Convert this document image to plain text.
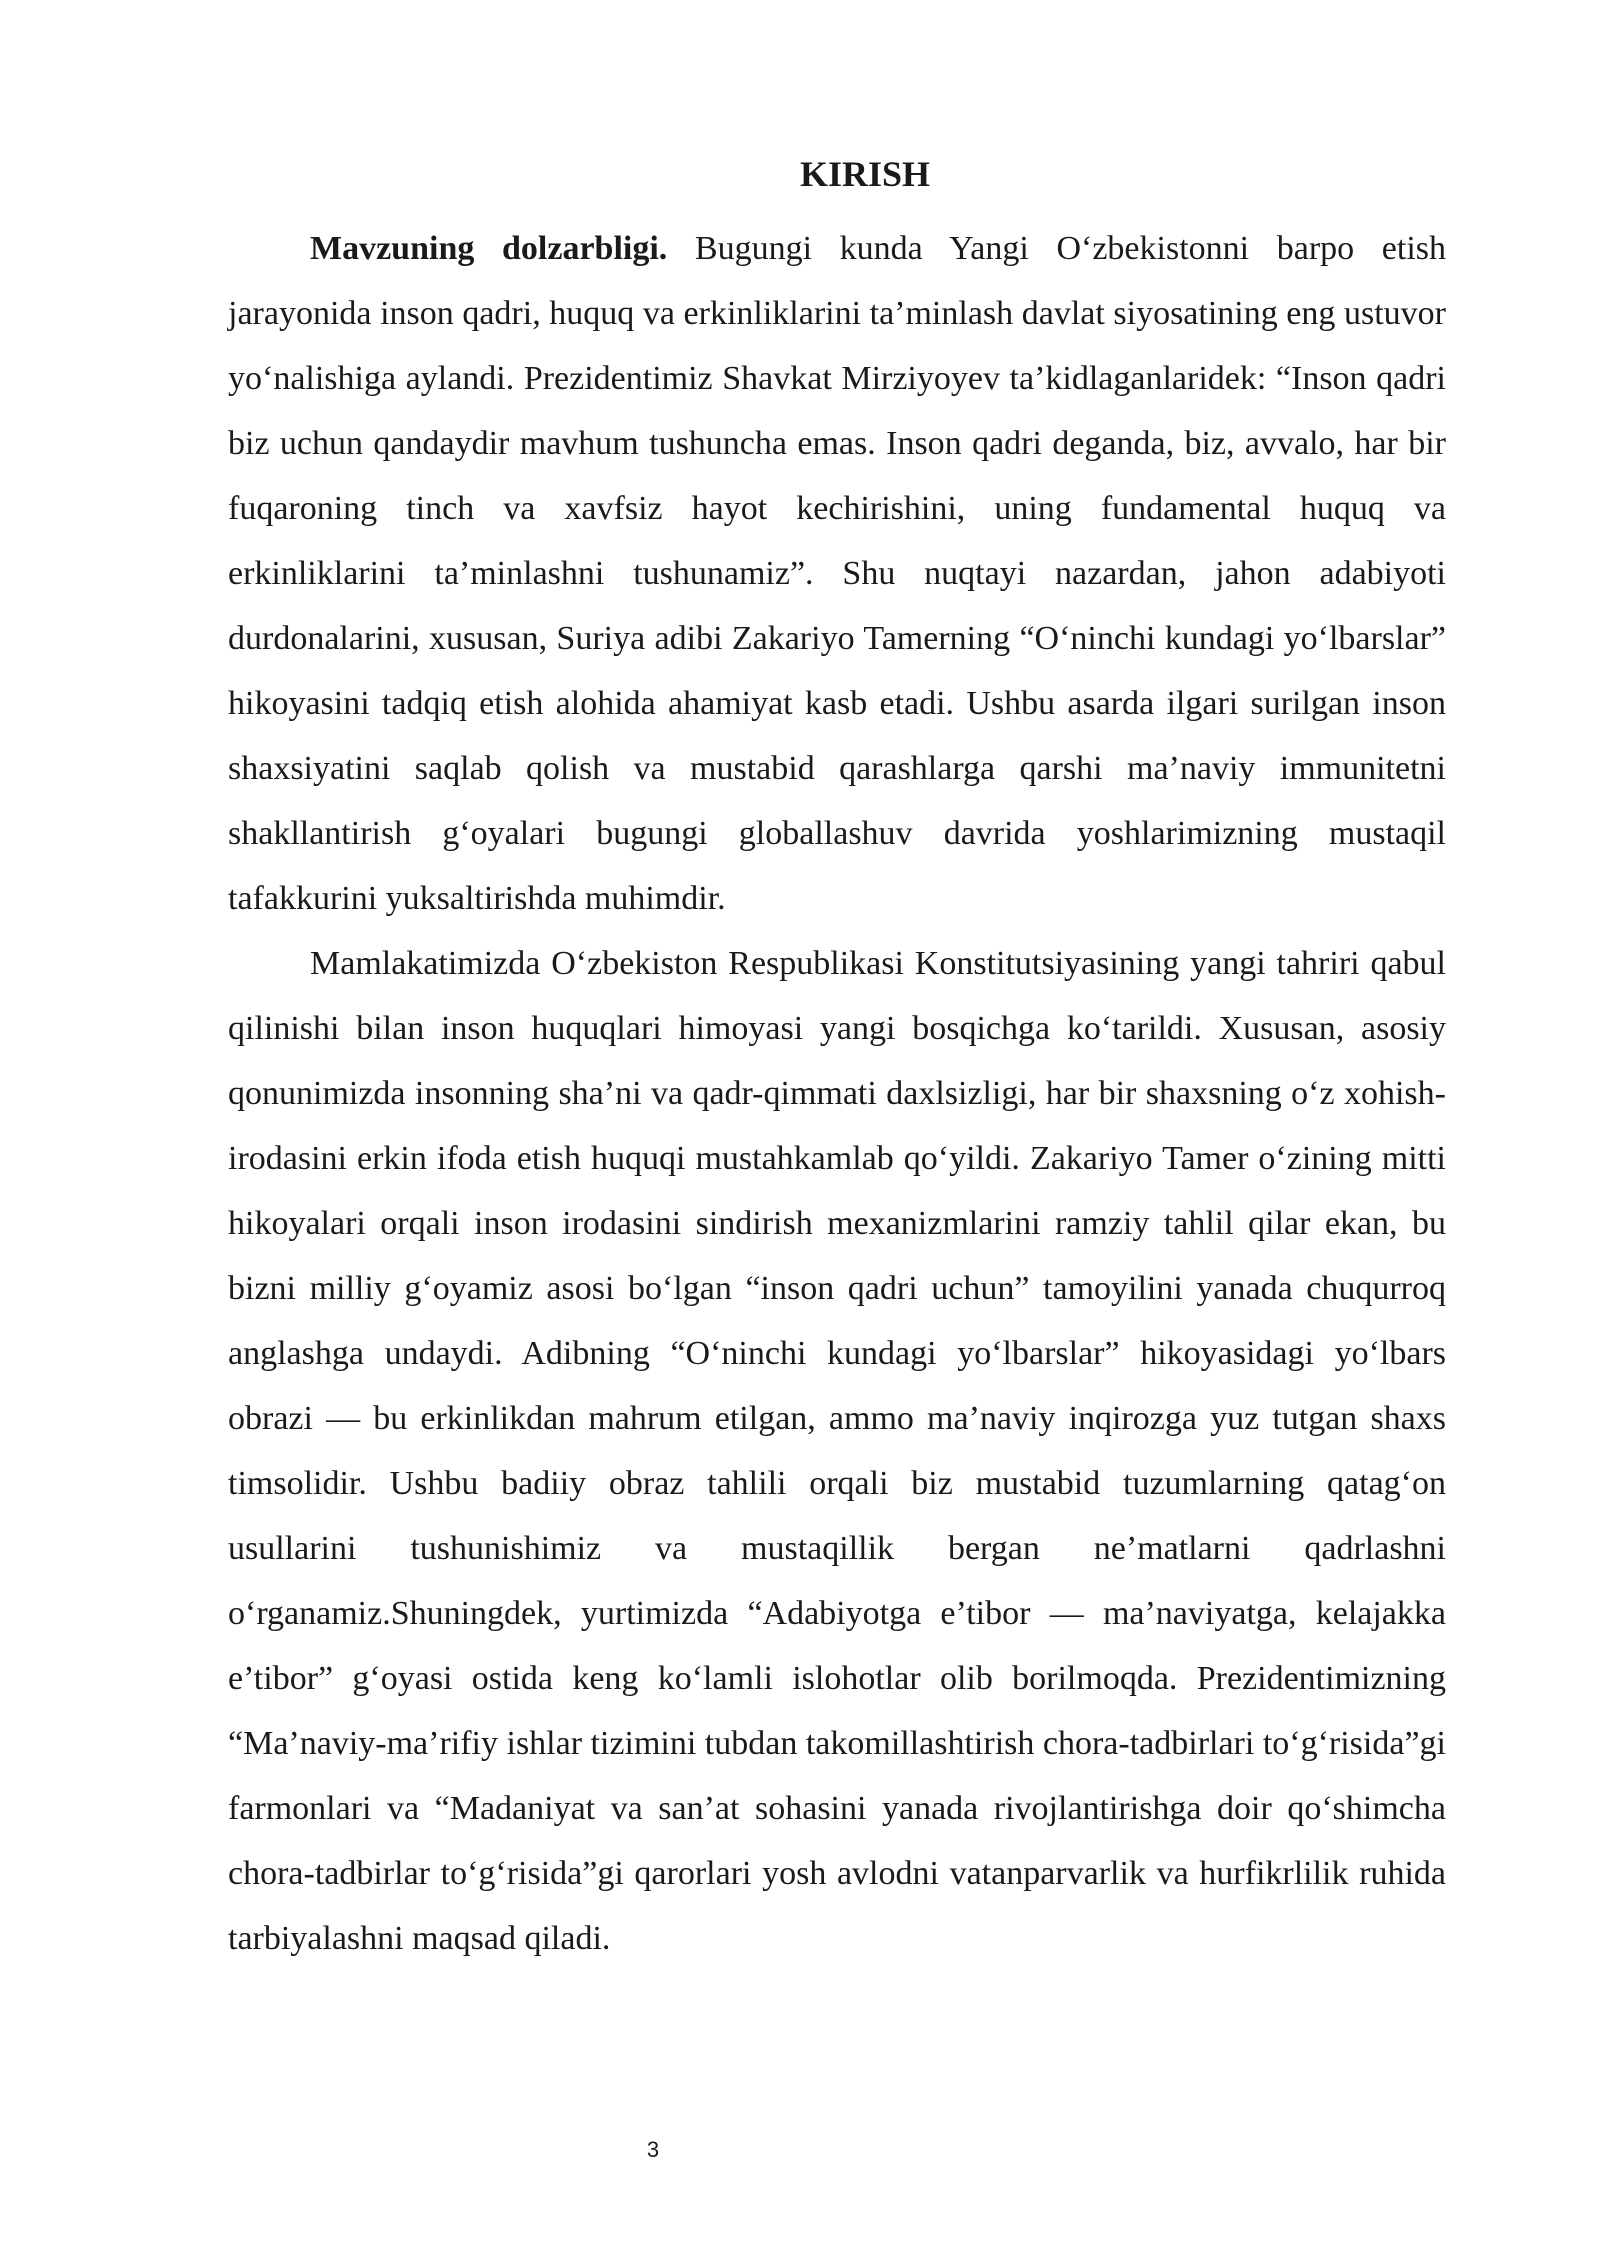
KIRISH

Mavzuning dolzarbligi. Bugungi kunda Yangi O‘zbekistonni barpo etish jarayonida inson qadri, huquq va erkinliklarini ta’minlash davlat siyosatining eng ustuvor yo‘nalishiga aylandi. Prezidentimiz Shavkat Mirziyoyev ta’kidlaganlaridek: “Inson qadri biz uchun qandaydir mavhum tushuncha emas. Inson qadri deganda, biz, avvalo, har bir fuqaroning tinch va xavfsiz hayot kechirishini, uning fundamental huquq va erkinliklarini ta’minlashni tushunamiz”. Shu nuqtayi nazardan, jahon adabiyoti durdonalarini, xususan, Suriya adibi Zakariyo Tamerning “O‘ninchi kundagi yo‘lbarslar” hikoyasini tadqiq etish alohida ahamiyat kasb etadi. Ushbu asarda ilgari surilgan inson shaxsiyatini saqlab qolish va mustabid qarashlarga qarshi ma’naviy immunitetni shakllantirish g‘oyalari bugungi globallashuv davrida yoshlarimizning mustaqil tafakkurini yuksaltirishda muhimdir.

Mamlakatimizda O‘zbekiston Respublikasi Konstitutsiyasining yangi tahriri qabul qilinishi bilan inson huquqlari himoyasi yangi bosqichga ko‘tarildi. Xususan, asosiy qonunimizda insonning sha’ni va qadr-qimmati daxlsizligi, har bir shaxsning o‘z xohish-irodasini erkin ifoda etish huquqi mustahkamlab qo‘yildi. Zakariyo Tamer o‘zining mitti hikoyalari orqali inson irodasini sindirish mexanizmlarini ramziy tahlil qilar ekan, bu bizni milliy g‘oyamiz asosi bo‘lgan “inson qadri uchun” tamoyilini yanada chuqurroq anglashga undaydi. Adibning “O‘ninchi kundagi yo‘lbarslar” hikoyasidagi yo‘lbars obrazi — bu erkinlikdan mahrum etilgan, ammo ma’naviy inqirozga yuz tutgan shaxs timsolidir. Ushbu badiiy obraz tahlili orqali biz mustabid tuzumlarning qatag‘on usullarini tushunishimiz va mustaqillik bergan ne’matlarni qadrlashni o‘rganamiz.Shuningdek, yurtimizda “Adabiyotga e’tibor — ma’naviyatga, kelajakka e’tibor” g‘oyasi ostida keng ko‘lamli islohotlar olib borilmoqda. Prezidentimizning “Ma’naviy-ma’rifiy ishlar tizimini tubdan takomillashtirish chora-tadbirlari to‘g‘risida”gi farmonlari va “Madaniyat va san’at sohasini yanada rivojlantirishga doir qo‘shimcha chora-tadbirlar to‘g‘risida”gi qarorlari yosh avlodni vatanparvarlik va hurfikrlilik ruhida tarbiyalashni maqsad qiladi.

3
